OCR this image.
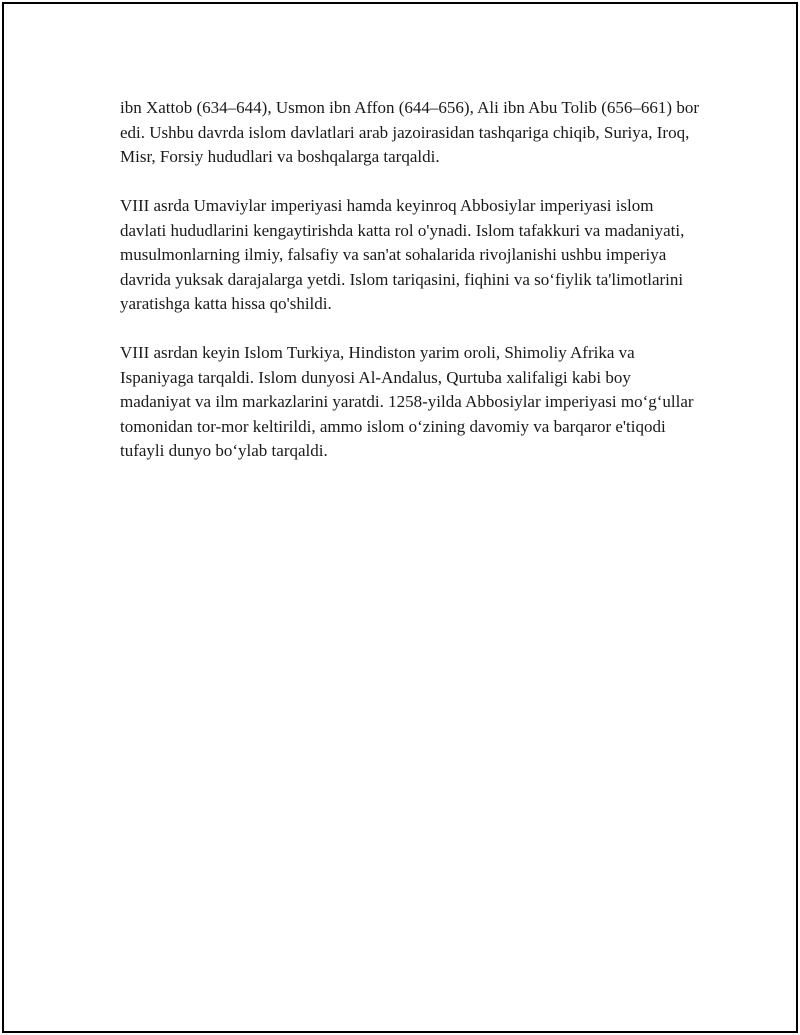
ibn Xattob (634–644), Usmon ibn Affon (644–656), Ali ibn Abu Tolib (656–661) bor edi. Ushbu davrda islom davlatlari arab jazoirasidan tashqariga chiqib, Suriya, Iroq, Misr, Forsiy hududlari va boshqalarga tarqaldi.

VIII asrda Umaviylar imperiyasi hamda keyinroq Abbosiylar imperiyasi islom davlati hududlarini kengaytirishda katta rol o'ynadi. Islom tafakkuri va madaniyati, musulmonlarning ilmiy, falsafiy va san'at sohalarida rivojlanishi ushbu imperiya davrida yuksak darajalarga yetdi. Islom tariqasini, fiqhini va so‘fiylik ta'limotlarini yaratishga katta hissa qo'shildi.

VIII asrdan keyin Islom Turkiya, Hindiston yarim oroli, Shimoliy Afrika va Ispaniyaga tarqaldi. Islom dunyosi Al-Andalus, Qurtuba xalifaligi kabi boy madaniyat va ilm markazlarini yaratdi. 1258-yilda Abbosiylar imperiyasi mo‘g‘ullar tomonidan tor-mor keltirildi, ammo islom o‘zining davomiy va barqaror e'tiqodi tufayli dunyo bo‘ylab tarqaldi.
